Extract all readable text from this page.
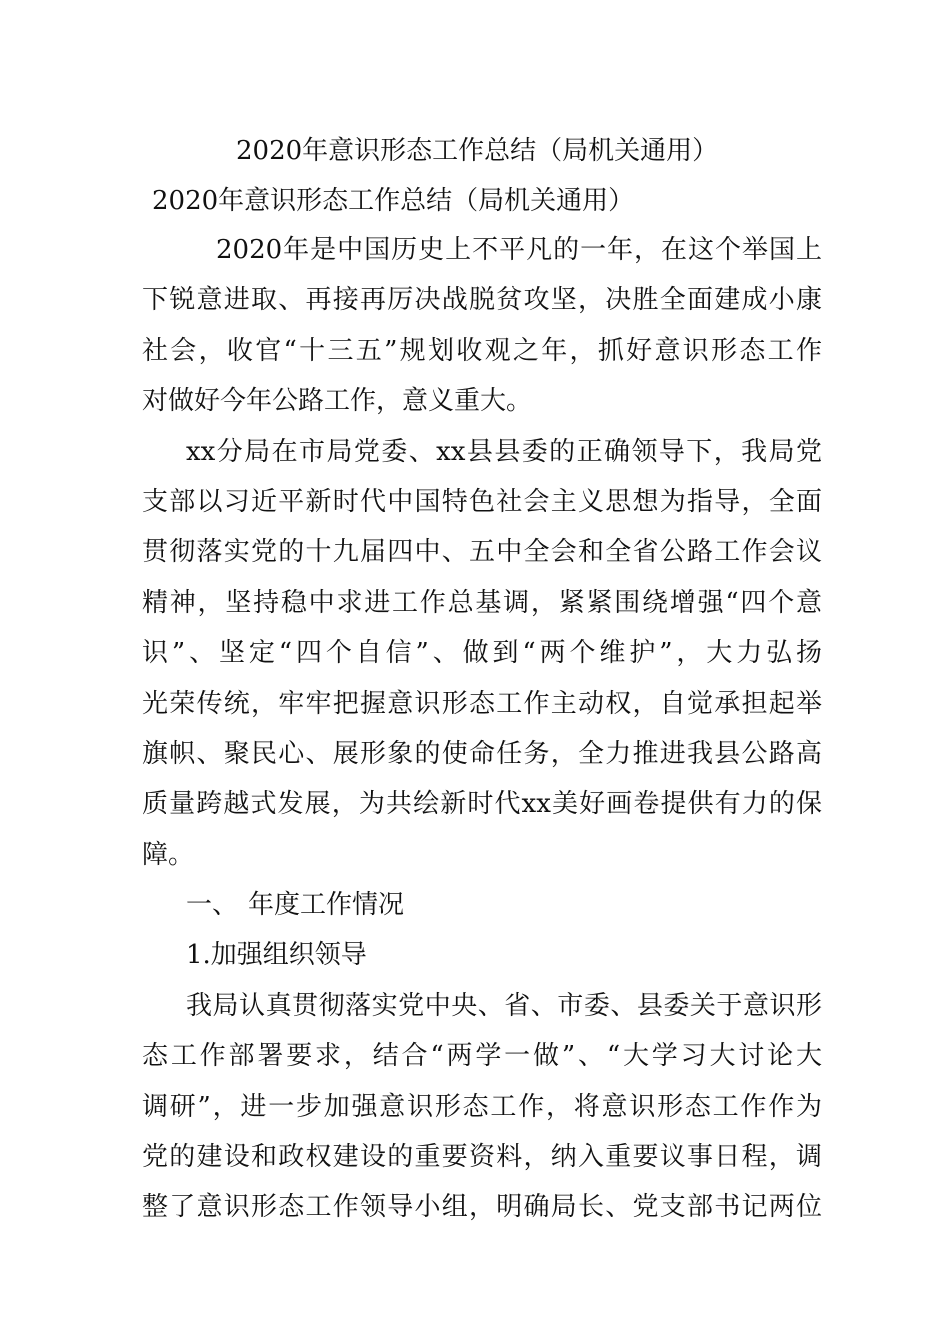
2020年意识形态工作总结（局机关通用）
2020年意识形态工作总结（局机关通用）
2020年是中国历史上不平凡的一年，在这个举国上
下锐意进取、再接再厉决战脱贫攻坚，决胜全面建成小康
社会，收官“十三五”规划收观之年，抓好意识形态工作
对做好今年公路工作，意义重大。
xx分局在市局党委、xx县县委的正确领导下，我局党
支部以习近平新时代中国特色社会主义思想为指导，全面
贯彻落实党的十九届四中、五中全会和全省公路工作会议
精神，坚持稳中求进工作总基调，紧紧围绕增强“四个意
识”、坚定“四个自信”、做到“两个维护”，大力弘扬
光荣传统，牢牢把握意识形态工作主动权，自觉承担起举
旗帜、聚民心、展形象的使命任务，全力推进我县公路高
质量跨越式发展，为共绘新时代xx美好画卷提供有力的保
障。
一、 年度工作情况
1.加强组织领导
我局认真贯彻落实党中央、省、市委、县委关于意识形
态工作部署要求，结合“两学一做”、“大学习大讨论大
调研”，进一步加强意识形态工作，将意识形态工作作为
党的建设和政权建设的重要资料，纳入重要议事日程，调
整了意识形态工作领导小组，明确局长、党支部书记两位
